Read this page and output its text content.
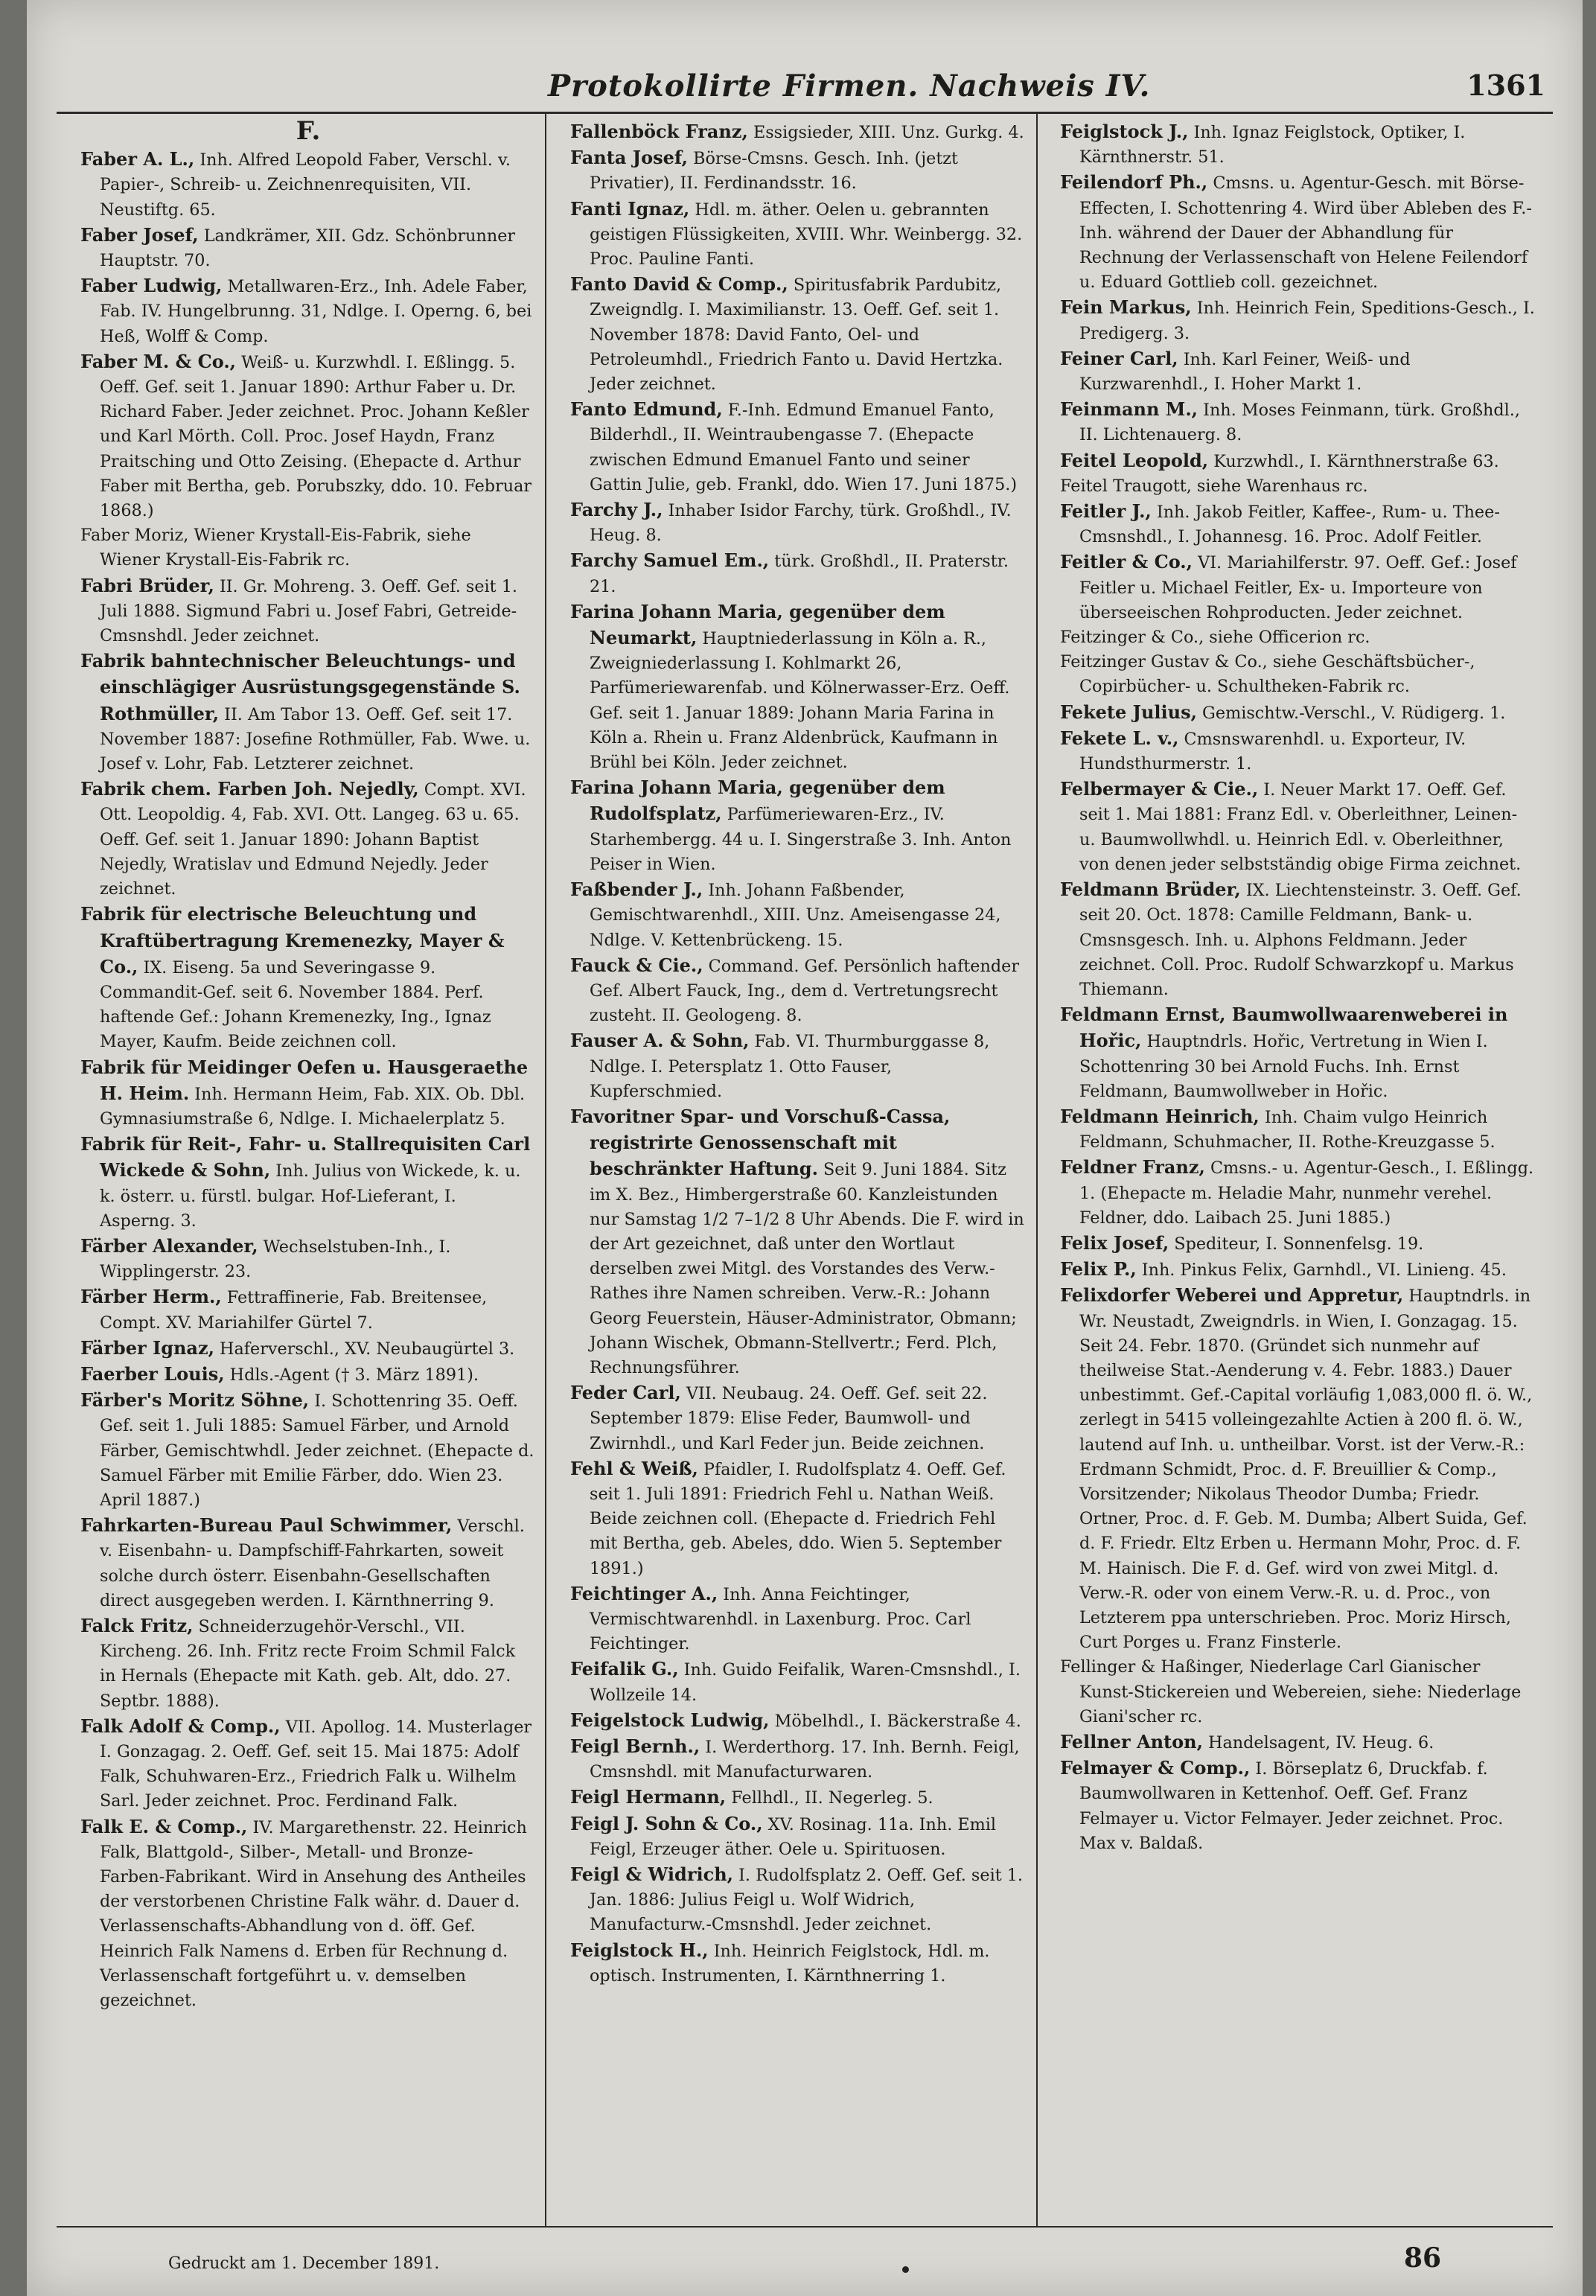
Protokollirte Firmen. Nachweis IV.	1361
F.

Faber A. L., Inh. Alfred Leopold Faber, Verschl. v. Papier-, Schreib- u. Zeichnenrequisiten, VII. Neustiftg. 65.

Faber Josef, Landkrämer, XII. Gdz. Schönbrunner Hauptstr. 70.

Faber Ludwig, Metallwaren-Erz., Inh. Adele Faber, Fab. IV. Hungelbrunng. 31, Ndlge. I. Operng. 6, bei Heß, Wolff & Comp.

Faber M. & Co., Weiß- u. Kurzwhdl. I. Eßlingg. 5. Oeff. Gef. seit 1. Januar 1890: Arthur Faber u. Dr. Richard Faber. Jeder zeichnet. Proc. Johann Keßler und Karl Mörth. Coll. Proc. Josef Haydn, Franz Praitsching und Otto Zeising. (Ehepacte d. Arthur Faber mit Bertha, geb. Porubszky, ddo. 10. Februar 1868.)

Faber Moriz, Wiener Krystall-Eis-Fabrik, siehe Wiener Krystall-Eis-Fabrik rc.

Fabri Brüder, II. Gr. Mohreng. 3. Oeff. Gef. seit 1. Juli 1888. Sigmund Fabri u. Josef Fabri, Getreide-Cmsnshdl. Jeder zeichnet.

Fabrik bahntechnischer Beleuchtungs- und einschlägiger Ausrüstungsgegenstände S. Rothmüller, II. Am Tabor 13. Oeff. Gef. seit 17. November 1887: Josefine Rothmüller, Fab. Wwe. u. Josef v. Lohr, Fab. Letzterer zeichnet.

Fabrik chem. Farben Joh. Nejedly, Compt. XVI. Ott. Leopoldig. 4, Fab. XVI. Ott. Langeg. 63 u. 65. Oeff. Gef. seit 1. Januar 1890: Johann Baptist Nejedly, Wratislav und Edmund Nejedly. Jeder zeichnet.

Fabrik für electrische Beleuchtung und Kraftübertragung Kremenezky, Mayer & Co., IX. Eiseng. 5a und Severingasse 9. Commandit-Gef. seit 6. November 1884. Perf. haftende Gef.: Johann Kremenezky, Ing., Ignaz Mayer, Kaufm. Beide zeichnen coll.

Fabrik für Meidinger Oefen u. Hausgeraethe H. Heim. Inh. Hermann Heim, Fab. XIX. Ob. Dbl. Gymnasiumstraße 6, Ndlge. I. Michaelerplatz 5.

Fabrik für Reit-, Fahr- u. Stallrequisiten Carl Wickede & Sohn, Inh. Julius von Wickede, k. u. k. österr. u. fürstl. bulgar. Hof-Lieferant, I. Asperng. 3.

Färber Alexander, Wechselstuben-Inh., I. Wipplingerstr. 23.

Färber Herm., Fettraffinerie, Fab. Breitensee, Compt. XV. Mariahilfer Gürtel 7.

Färber Ignaz, Haferverschl., XV. Neubaugürtel 3.

Faerber Louis, Hdls.-Agent († 3. März 1891).

Färber's Moritz Söhne, I. Schottenring 35. Oeff. Gef. seit 1. Juli 1885: Samuel Färber, und Arnold Färber, Gemischtwhdl. Jeder zeichnet. (Ehepacte d. Samuel Färber mit Emilie Färber, ddo. Wien 23. April 1887.)

Fahrkarten-Bureau Paul Schwimmer, Verschl. v. Eisenbahn- u. Dampfschiff-Fahrkarten, soweit solche durch österr. Eisenbahn-Gesellschaften direct ausgegeben werden. I. Kärnthnerring 9.

Falck Fritz, Schneiderzugehör-Verschl., VII. Kircheng. 26. Inh. Fritz recte Froim Schmil Falck in Hernals (Ehepacte mit Kath. geb. Alt, ddo. 27. Septbr. 1888).

Falk Adolf & Comp., VII. Apollog. 14. Musterlager I. Gonzagag. 2. Oeff. Gef. seit 15. Mai 1875: Adolf Falk, Schuhwaren-Erz., Friedrich Falk u. Wilhelm Sarl. Jeder zeichnet. Proc. Ferdinand Falk.

Falk E. & Comp., IV. Margarethenstr. 22. Heinrich Falk, Blattgold-, Silber-, Metall- und Bronze-Farben-Fabrikant. Wird in Ansehung des Antheiles der verstorbenen Christine Falk währ. d. Dauer d. Verlassenschafts-Abhandlung von d. öff. Gef. Heinrich Falk Namens d. Erben für Rechnung d. Verlassenschaft fortgeführt u. v. demselben gezeichnet.

Fallenböck Franz, Essigsieder, XIII. Unz. Gurkg. 4.

Fanta Josef, Börse-Cmsns. Gesch. Inh. (jetzt Privatier), II. Ferdinandsstr. 16.

Fanti Ignaz, Hdl. m. äther. Oelen u. gebrannten geistigen Flüssigkeiten, XVIII. Whr. Weinbergg. 32. Proc. Pauline Fanti.

Fanto David & Comp., Spiritusfabrik Pardubitz, Zweigndlg. I. Maximilianstr. 13. Oeff. Gef. seit 1. November 1878: David Fanto, Oel- und Petroleumhdl., Friedrich Fanto u. David Hertzka. Jeder zeichnet.

Fanto Edmund, F.-Inh. Edmund Emanuel Fanto, Bilderhdl., II. Weintraubengasse 7. (Ehepacte zwischen Edmund Emanuel Fanto und seiner Gattin Julie, geb. Frankl, ddo. Wien 17. Juni 1875.)

Farchy J., Inhaber Isidor Farchy, türk. Großhdl., IV. Heug. 8.

Farchy Samuel Em., türk. Großhdl., II. Praterstr. 21.

Farina Johann Maria, gegenüber dem Neumarkt, Hauptniederlassung in Köln a. R., Zweigniederlassung I. Kohlmarkt 26, Parfümeriewarenfab. und Kölnerwasser-Erz. Oeff. Gef. seit 1. Januar 1889: Johann Maria Farina in Köln a. Rhein u. Franz Aldenbrück, Kaufmann in Brühl bei Köln. Jeder zeichnet.

Farina Johann Maria, gegenüber dem Rudolfsplatz, Parfümeriewaren-Erz., IV. Starhembergg. 44 u. I. Singerstraße 3. Inh. Anton Peiser in Wien.

Faßbender J., Inh. Johann Faßbender, Gemischtwarenhdl., XIII. Unz. Ameisengasse 24, Ndlge. V. Kettenbrückeng. 15.

Fauck & Cie., Command. Gef. Persönlich haftender Gef. Albert Fauck, Ing., dem d. Vertretungsrecht zusteht. II. Geologeng. 8.

Fauser A. & Sohn, Fab. VI. Thurmburggasse 8, Ndlge. I. Petersplatz 1. Otto Fauser, Kupferschmied.

Favoritner Spar- und Vorschuß-Cassa, registrirte Genossenschaft mit beschränkter Haftung. Seit 9. Juni 1884. Sitz im X. Bez., Himbergerstraße 60. Kanzleistunden nur Samstag 1/2 7–1/2 8 Uhr Abends. Die F. wird in der Art gezeichnet, daß unter den Wortlaut derselben zwei Mitgl. des Vorstandes des Verw.-Rathes ihre Namen schreiben. Verw.-R.: Johann Georg Feuerstein, Häuser-Administrator, Obmann; Johann Wischek, Obmann-Stellvertr.; Ferd. Plch, Rechnungsführer.

Feder Carl, VII. Neubaug. 24. Oeff. Gef. seit 22. September 1879: Elise Feder, Baumwoll- und Zwirnhdl., und Karl Feder jun. Beide zeichnen.

Fehl & Weiß, Pfaidler, I. Rudolfsplatz 4. Oeff. Gef. seit 1. Juli 1891: Friedrich Fehl u. Nathan Weiß. Beide zeichnen coll. (Ehepacte d. Friedrich Fehl mit Bertha, geb. Abeles, ddo. Wien 5. September 1891.)

Feichtinger A., Inh. Anna Feichtinger, Vermischtwarenhdl. in Laxenburg. Proc. Carl Feichtinger.

Feifalik G., Inh. Guido Feifalik, Waren-Cmsnshdl., I. Wollzeile 14.

Feigelstock Ludwig, Möbelhdl., I. Bäckerstraße 4.

Feigl Bernh., I. Werderthorg. 17. Inh. Bernh. Feigl, Cmsnshdl. mit Manufacturwaren.

Feigl Hermann, Fellhdl., II. Negerleg. 5.

Feigl J. Sohn & Co., XV. Rosinag. 11a. Inh. Emil Feigl, Erzeuger äther. Oele u. Spirituosen.

Feigl & Widrich, I. Rudolfsplatz 2. Oeff. Gef. seit 1. Jan. 1886: Julius Feigl u. Wolf Widrich, Manufacturw.-Cmsnshdl. Jeder zeichnet.

Feiglstock H., Inh. Heinrich Feiglstock, Hdl. m. optisch. Instrumenten, I. Kärnthnerring 1.

Feiglstock J., Inh. Ignaz Feiglstock, Optiker, I. Kärnthnerstr. 51.

Feilendorf Ph., Cmsns. u. Agentur-Gesch. mit Börse-Effecten, I. Schottenring 4. Wird über Ableben des F.-Inh. während der Dauer der Abhandlung für Rechnung der Verlassenschaft von Helene Feilendorf u. Eduard Gottlieb coll. gezeichnet.

Fein Markus, Inh. Heinrich Fein, Speditions-Gesch., I. Predigerg. 3.

Feiner Carl, Inh. Karl Feiner, Weiß- und Kurzwarenhdl., I. Hoher Markt 1.

Feinmann M., Inh. Moses Feinmann, türk. Großhdl., II. Lichtenauerg. 8.

Feitel Leopold, Kurzwhdl., I. Kärnthnerstraße 63.

Feitel Traugott, siehe Warenhaus rc.

Feitler J., Inh. Jakob Feitler, Kaffee-, Rum- u. Thee-Cmsnshdl., I. Johannesg. 16. Proc. Adolf Feitler.

Feitler & Co., VI. Mariahilferstr. 97. Oeff. Gef.: Josef Feitler u. Michael Feitler, Ex- u. Importeure von überseeischen Rohproducten. Jeder zeichnet.

Feitzinger & Co., siehe Officerion rc.

Feitzinger Gustav & Co., siehe Geschäftsbücher-, Copirbücher- u. Schultheken-Fabrik rc.

Fekete Julius, Gemischtw.-Verschl., V. Rüdigerg. 1.

Fekete L. v., Cmsnswarenhdl. u. Exporteur, IV. Hundsthurmerstr. 1.

Felbermayer & Cie., I. Neuer Markt 17. Oeff. Gef. seit 1. Mai 1881: Franz Edl. v. Oberleithner, Leinen- u. Baumwollwhdl. u. Heinrich Edl. v. Oberleithner, von denen jeder selbstständig obige Firma zeichnet.

Feldmann Brüder, IX. Liechtensteinstr. 3. Oeff. Gef. seit 20. Oct. 1878: Camille Feldmann, Bank- u. Cmsnsgesch. Inh. u. Alphons Feldmann. Jeder zeichnet. Coll. Proc. Rudolf Schwarzkopf u. Markus Thiemann.

Feldmann Ernst, Baumwollwaarenweberei in Hořic, Hauptndrls. Hořic, Vertretung in Wien I. Schottenring 30 bei Arnold Fuchs. Inh. Ernst Feldmann, Baumwollweber in Hořic.

Feldmann Heinrich, Inh. Chaim vulgo Heinrich Feldmann, Schuhmacher, II. Rothe-Kreuzgasse 5.

Feldner Franz, Cmsns.- u. Agentur-Gesch., I. Eßlingg. 1. (Ehepacte m. Heladie Mahr, nunmehr verehel. Feldner, ddo. Laibach 25. Juni 1885.)

Felix Josef, Spediteur, I. Sonnenfelsg. 19.

Felix P., Inh. Pinkus Felix, Garnhdl., VI. Linieng. 45.

Felixdorfer Weberei und Appretur, Hauptndrls. in Wr. Neustadt, Zweigndrls. in Wien, I. Gonzagag. 15. Seit 24. Febr. 1870. (Gründet sich nunmehr auf theilweise Stat.-Aenderung v. 4. Febr. 1883.) Dauer unbestimmt. Gef.-Capital vorläufig 1,083,000 fl. ö. W., zerlegt in 5415 volleingezahlte Actien à 200 fl. ö. W., lautend auf Inh. u. untheilbar. Vorst. ist der Verw.-R.: Erdmann Schmidt, Proc. d. F. Breuillier & Comp., Vorsitzender; Nikolaus Theodor Dumba; Friedr. Ortner, Proc. d. F. Geb. M. Dumba; Albert Suida, Gef. d. F. Friedr. Eltz Erben u. Hermann Mohr, Proc. d. F. M. Hainisch. Die F. d. Gef. wird von zwei Mitgl. d. Verw.-R. oder von einem Verw.-R. u. d. Proc., von Letzterem ppa unterschrieben. Proc. Moriz Hirsch, Curt Porges u. Franz Finsterle.

Fellinger & Haßinger, Niederlage Carl Gianischer Kunst-Stickereien und Webereien, siehe: Niederlage Giani'scher rc.

Fellner Anton, Handelsagent, IV. Heug. 6.

Felmayer & Comp., I. Börseplatz 6, Druckfab. f. Baumwollwaren in Kettenhof. Oeff. Gef. Franz Felmayer u. Victor Felmayer. Jeder zeichnet. Proc. Max v. Baldaß.

Gedruckt am 1. December 1891.	86
